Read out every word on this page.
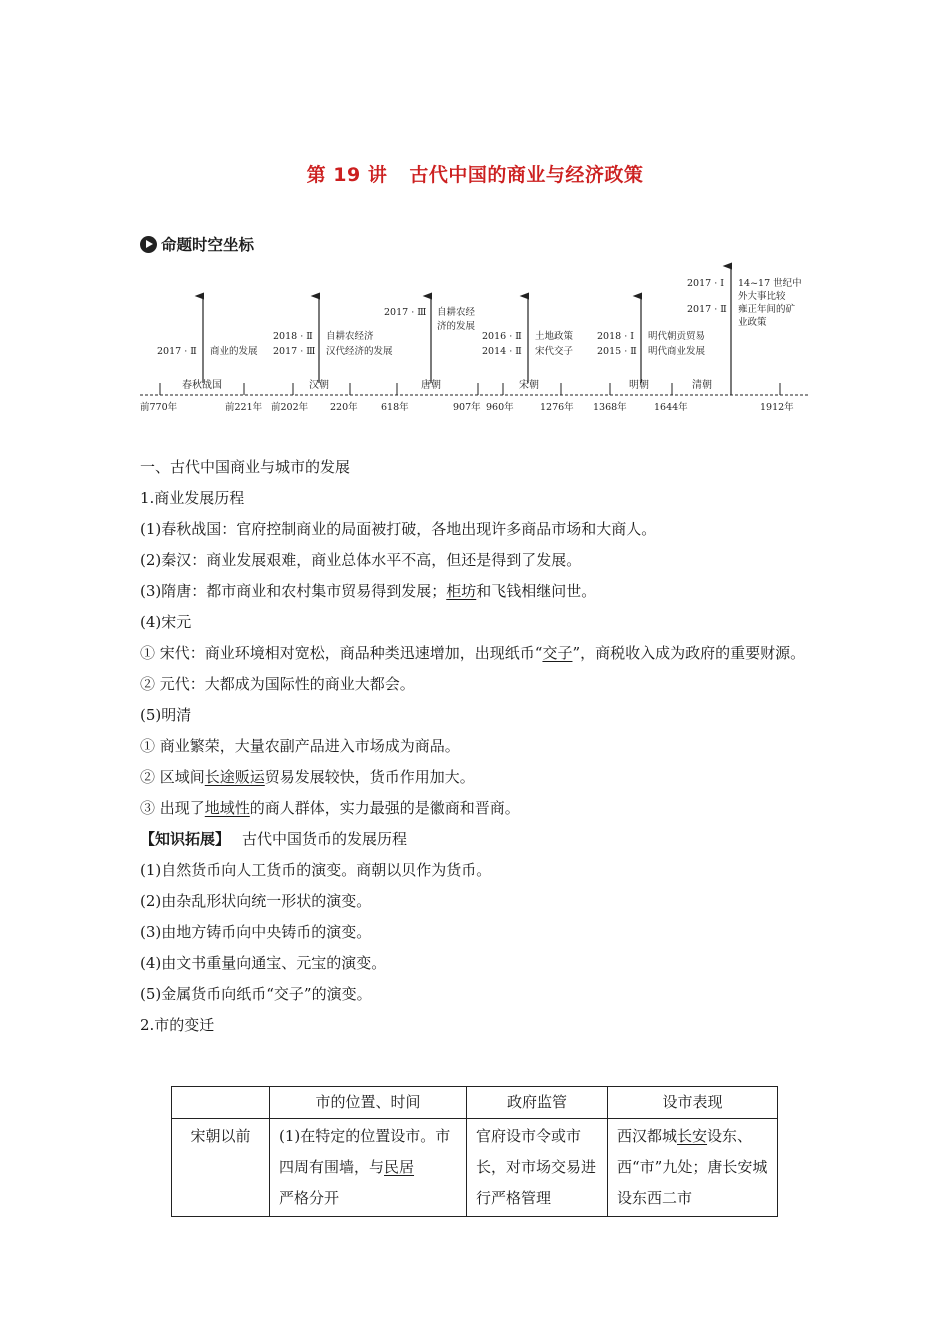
第 19 讲 古代中国的商业与经济政策
命题时空坐标
春秋战国	汉朝	唐朝	宋朝	明朝	清朝
前770年	前221年 前202年 220年 618年	907年 960年	1276年 1368年	1644年	1912年
2017 · Ⅱ 商业的发展
2018 · Ⅱ
2017 · Ⅲ
自耕农经济
汉代经济的发展
2017 · Ⅲ 自耕农经
济的发展
2016 · Ⅱ
2014 · Ⅱ
土地政策
宋代交子
2018 · Ⅰ
2015 · Ⅱ
明代朝贡贸易
明代商业发展
2017 · Ⅰ
2017 · Ⅱ
14~17 世纪中
外大事比较
雍正年间的矿
业政策

一、古代中国商业与城市的发展

1.商业发展历程

(1)春秋战国：官府控制商业的局面被打破，各地出现许多商品市场和大商人。

(2)秦汉：商业发展艰难，商业总体水平不高，但还是得到了发展。

(3)隋唐：都市商业和农村集市贸易得到发展；柜坊和飞钱相继问世。

(4)宋元

① 宋代：商业环境相对宽松，商品种类迅速增加，出现纸币“交子”，商税收入成为政府的重要财源。

② 元代：大都成为国际性的商业大都会。

(5)明清

① 商业繁荣，大量农副产品进入市场成为商品。

② 区域间长途贩运贸易发展较快，货币作用加大。

③ 出现了地域性的商人群体，实力最强的是徽商和晋商。

【知识拓展】 古代中国货币的发展历程

(1)自然货币向人工货币的演变。商朝以贝作为货币。

(2)由杂乱形状向统一形状的演变。

(3)由地方铸币向中央铸币的演变。

(4)由文书重量向通宝、元宝的演变。

(5)金属货币向纸币“交子”的演变。

2.市的变迁

	市的位置、时间	政府监管	设市表现
宋朝以前	(1)在特定的位置设市。市四周有围墙，与民居
严格分开	官府设市令或市长，对市场交易进行严格管理	西汉都城长安设东、西“市”九处；唐长安城设东西二市
